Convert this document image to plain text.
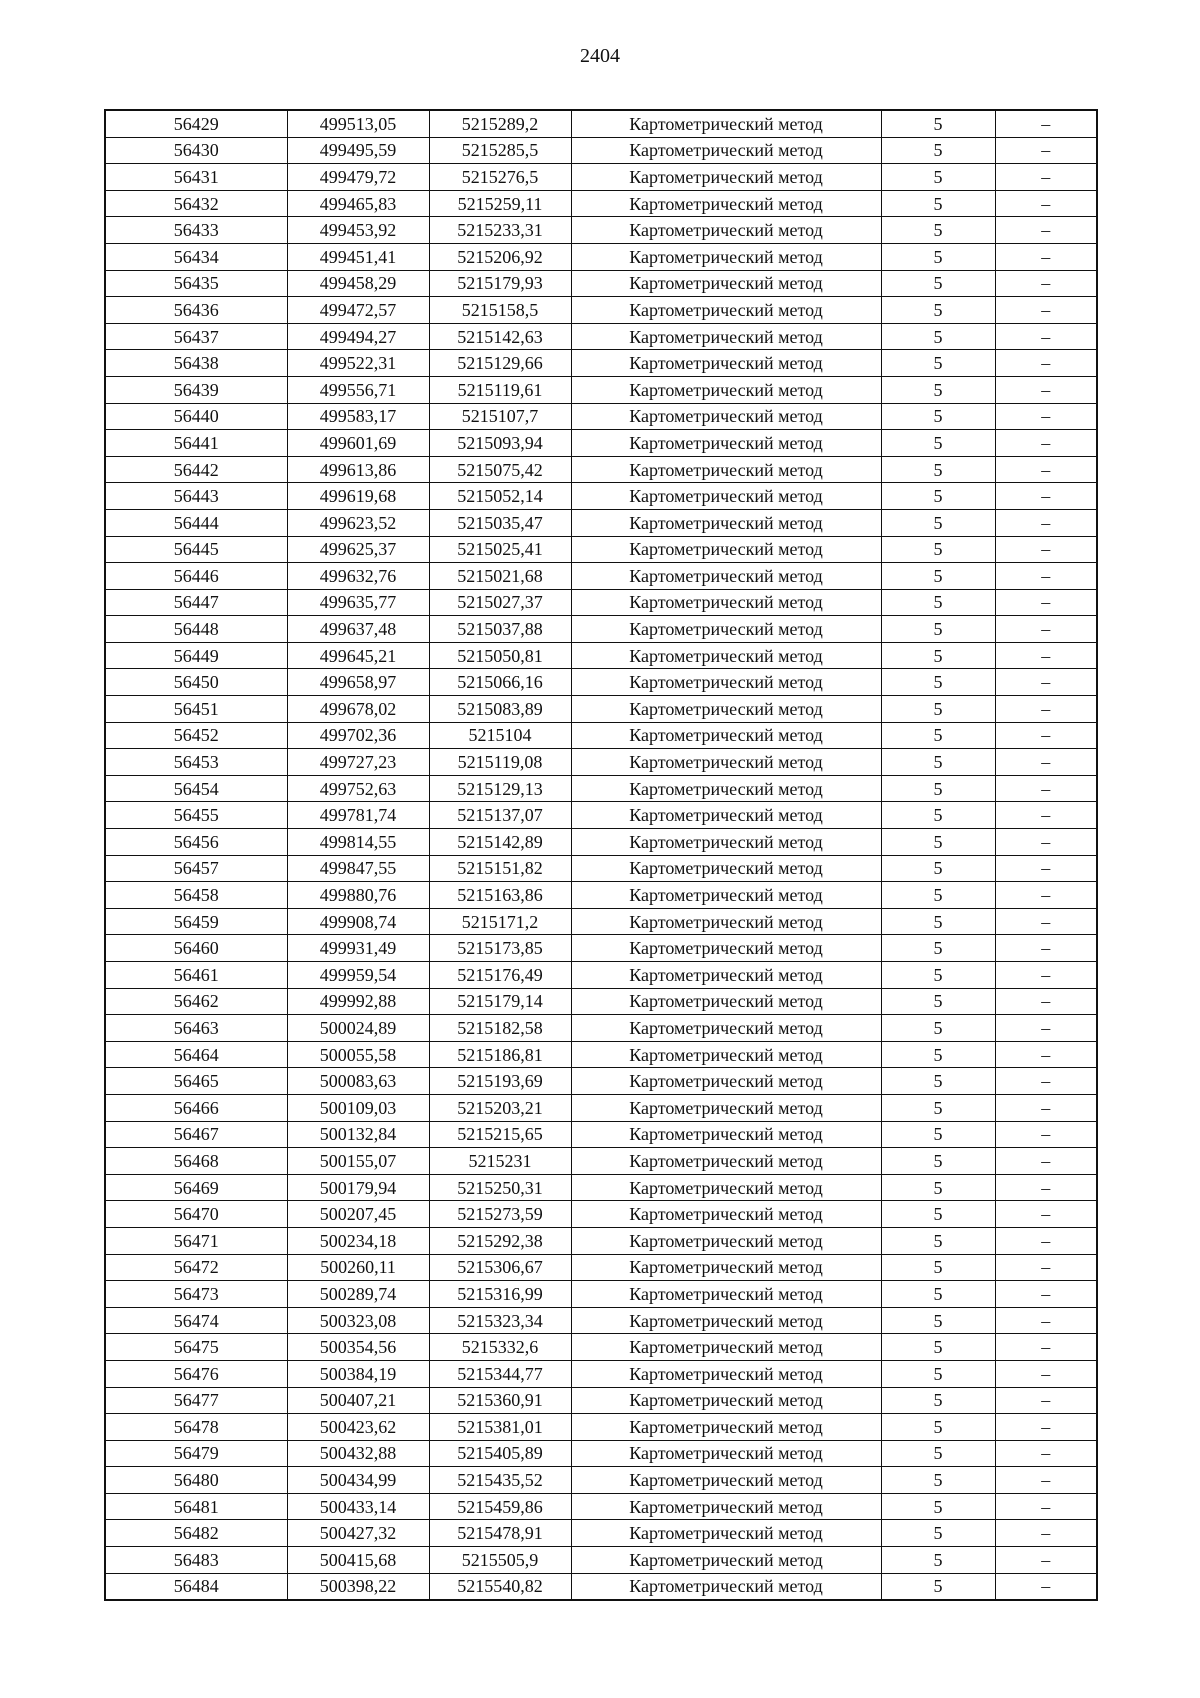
2404
56429	499513,05	5215289,2	Картометрический метод	5	–
56430	499495,59	5215285,5	Картометрический метод	5	–
56431	499479,72	5215276,5	Картометрический метод	5	–
56432	499465,83	5215259,11	Картометрический метод	5	–
56433	499453,92	5215233,31	Картометрический метод	5	–
56434	499451,41	5215206,92	Картометрический метод	5	–
56435	499458,29	5215179,93	Картометрический метод	5	–
56436	499472,57	5215158,5	Картометрический метод	5	–
56437	499494,27	5215142,63	Картометрический метод	5	–
56438	499522,31	5215129,66	Картометрический метод	5	–
56439	499556,71	5215119,61	Картометрический метод	5	–
56440	499583,17	5215107,7	Картометрический метод	5	–
56441	499601,69	5215093,94	Картометрический метод	5	–
56442	499613,86	5215075,42	Картометрический метод	5	–
56443	499619,68	5215052,14	Картометрический метод	5	–
56444	499623,52	5215035,47	Картометрический метод	5	–
56445	499625,37	5215025,41	Картометрический метод	5	–
56446	499632,76	5215021,68	Картометрический метод	5	–
56447	499635,77	5215027,37	Картометрический метод	5	–
56448	499637,48	5215037,88	Картометрический метод	5	–
56449	499645,21	5215050,81	Картометрический метод	5	–
56450	499658,97	5215066,16	Картометрический метод	5	–
56451	499678,02	5215083,89	Картометрический метод	5	–
56452	499702,36	5215104	Картометрический метод	5	–
56453	499727,23	5215119,08	Картометрический метод	5	–
56454	499752,63	5215129,13	Картометрический метод	5	–
56455	499781,74	5215137,07	Картометрический метод	5	–
56456	499814,55	5215142,89	Картометрический метод	5	–
56457	499847,55	5215151,82	Картометрический метод	5	–
56458	499880,76	5215163,86	Картометрический метод	5	–
56459	499908,74	5215171,2	Картометрический метод	5	–
56460	499931,49	5215173,85	Картометрический метод	5	–
56461	499959,54	5215176,49	Картометрический метод	5	–
56462	499992,88	5215179,14	Картометрический метод	5	–
56463	500024,89	5215182,58	Картометрический метод	5	–
56464	500055,58	5215186,81	Картометрический метод	5	–
56465	500083,63	5215193,69	Картометрический метод	5	–
56466	500109,03	5215203,21	Картометрический метод	5	–
56467	500132,84	5215215,65	Картометрический метод	5	–
56468	500155,07	5215231	Картометрический метод	5	–
56469	500179,94	5215250,31	Картометрический метод	5	–
56470	500207,45	5215273,59	Картометрический метод	5	–
56471	500234,18	5215292,38	Картометрический метод	5	–
56472	500260,11	5215306,67	Картометрический метод	5	–
56473	500289,74	5215316,99	Картометрический метод	5	–
56474	500323,08	5215323,34	Картометрический метод	5	–
56475	500354,56	5215332,6	Картометрический метод	5	–
56476	500384,19	5215344,77	Картометрический метод	5	–
56477	500407,21	5215360,91	Картометрический метод	5	–
56478	500423,62	5215381,01	Картометрический метод	5	–
56479	500432,88	5215405,89	Картометрический метод	5	–
56480	500434,99	5215435,52	Картометрический метод	5	–
56481	500433,14	5215459,86	Картометрический метод	5	–
56482	500427,32	5215478,91	Картометрический метод	5	–
56483	500415,68	5215505,9	Картометрический метод	5	–
56484	500398,22	5215540,82	Картометрический метод	5	–
